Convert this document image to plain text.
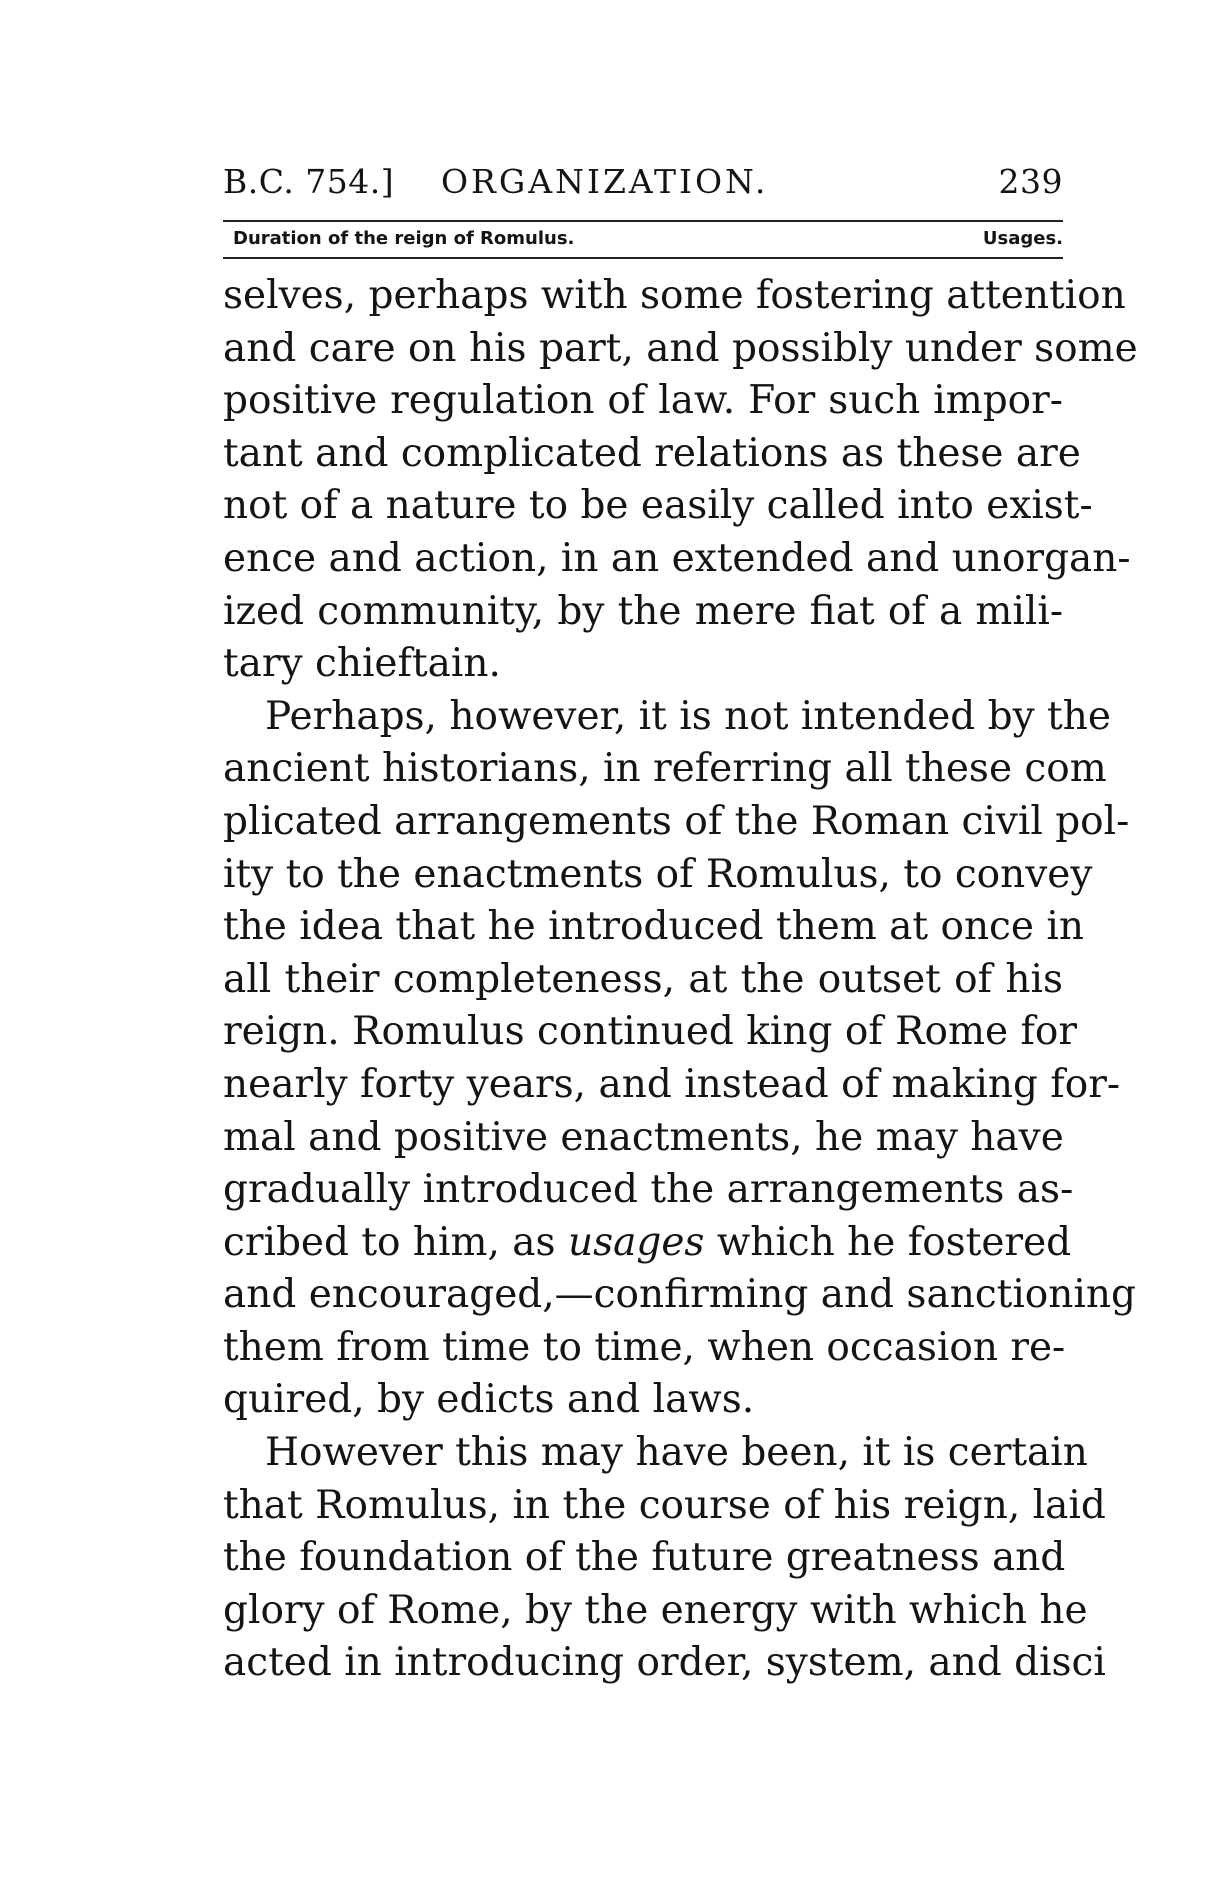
B.C. 754.] ORGANIZATION.	239
Duration of the reign of Romulus.	Usages.
selves, perhaps with some fostering attention
and care on his part, and possibly under some
positive regulation of law. For such impor-
tant and complicated relations as these are
not of a nature to be easily called into exist-
ence and action, in an extended and unorgan-
ized community, by the mere fiat of a mili-
tary chieftain.
Perhaps, however, it is not intended by the
ancient historians, in referring all these com
plicated arrangements of the Roman civil pol-
ity to the enactments of Romulus, to convey
the idea that he introduced them at once in
all their completeness, at the outset of his
reign. Romulus continued king of Rome for
nearly forty years, and instead of making for-
mal and positive enactments, he may have
gradually introduced the arrangements as-
cribed to him, as usages which he fostered
and encouraged,—confirming and sanctioning
them from time to time, when occasion re-
quired, by edicts and laws.
However this may have been, it is certain
that Romulus, in the course of his reign, laid
the foundation of the future greatness and
glory of Rome, by the energy with which he
acted in introducing order, system, and disci
